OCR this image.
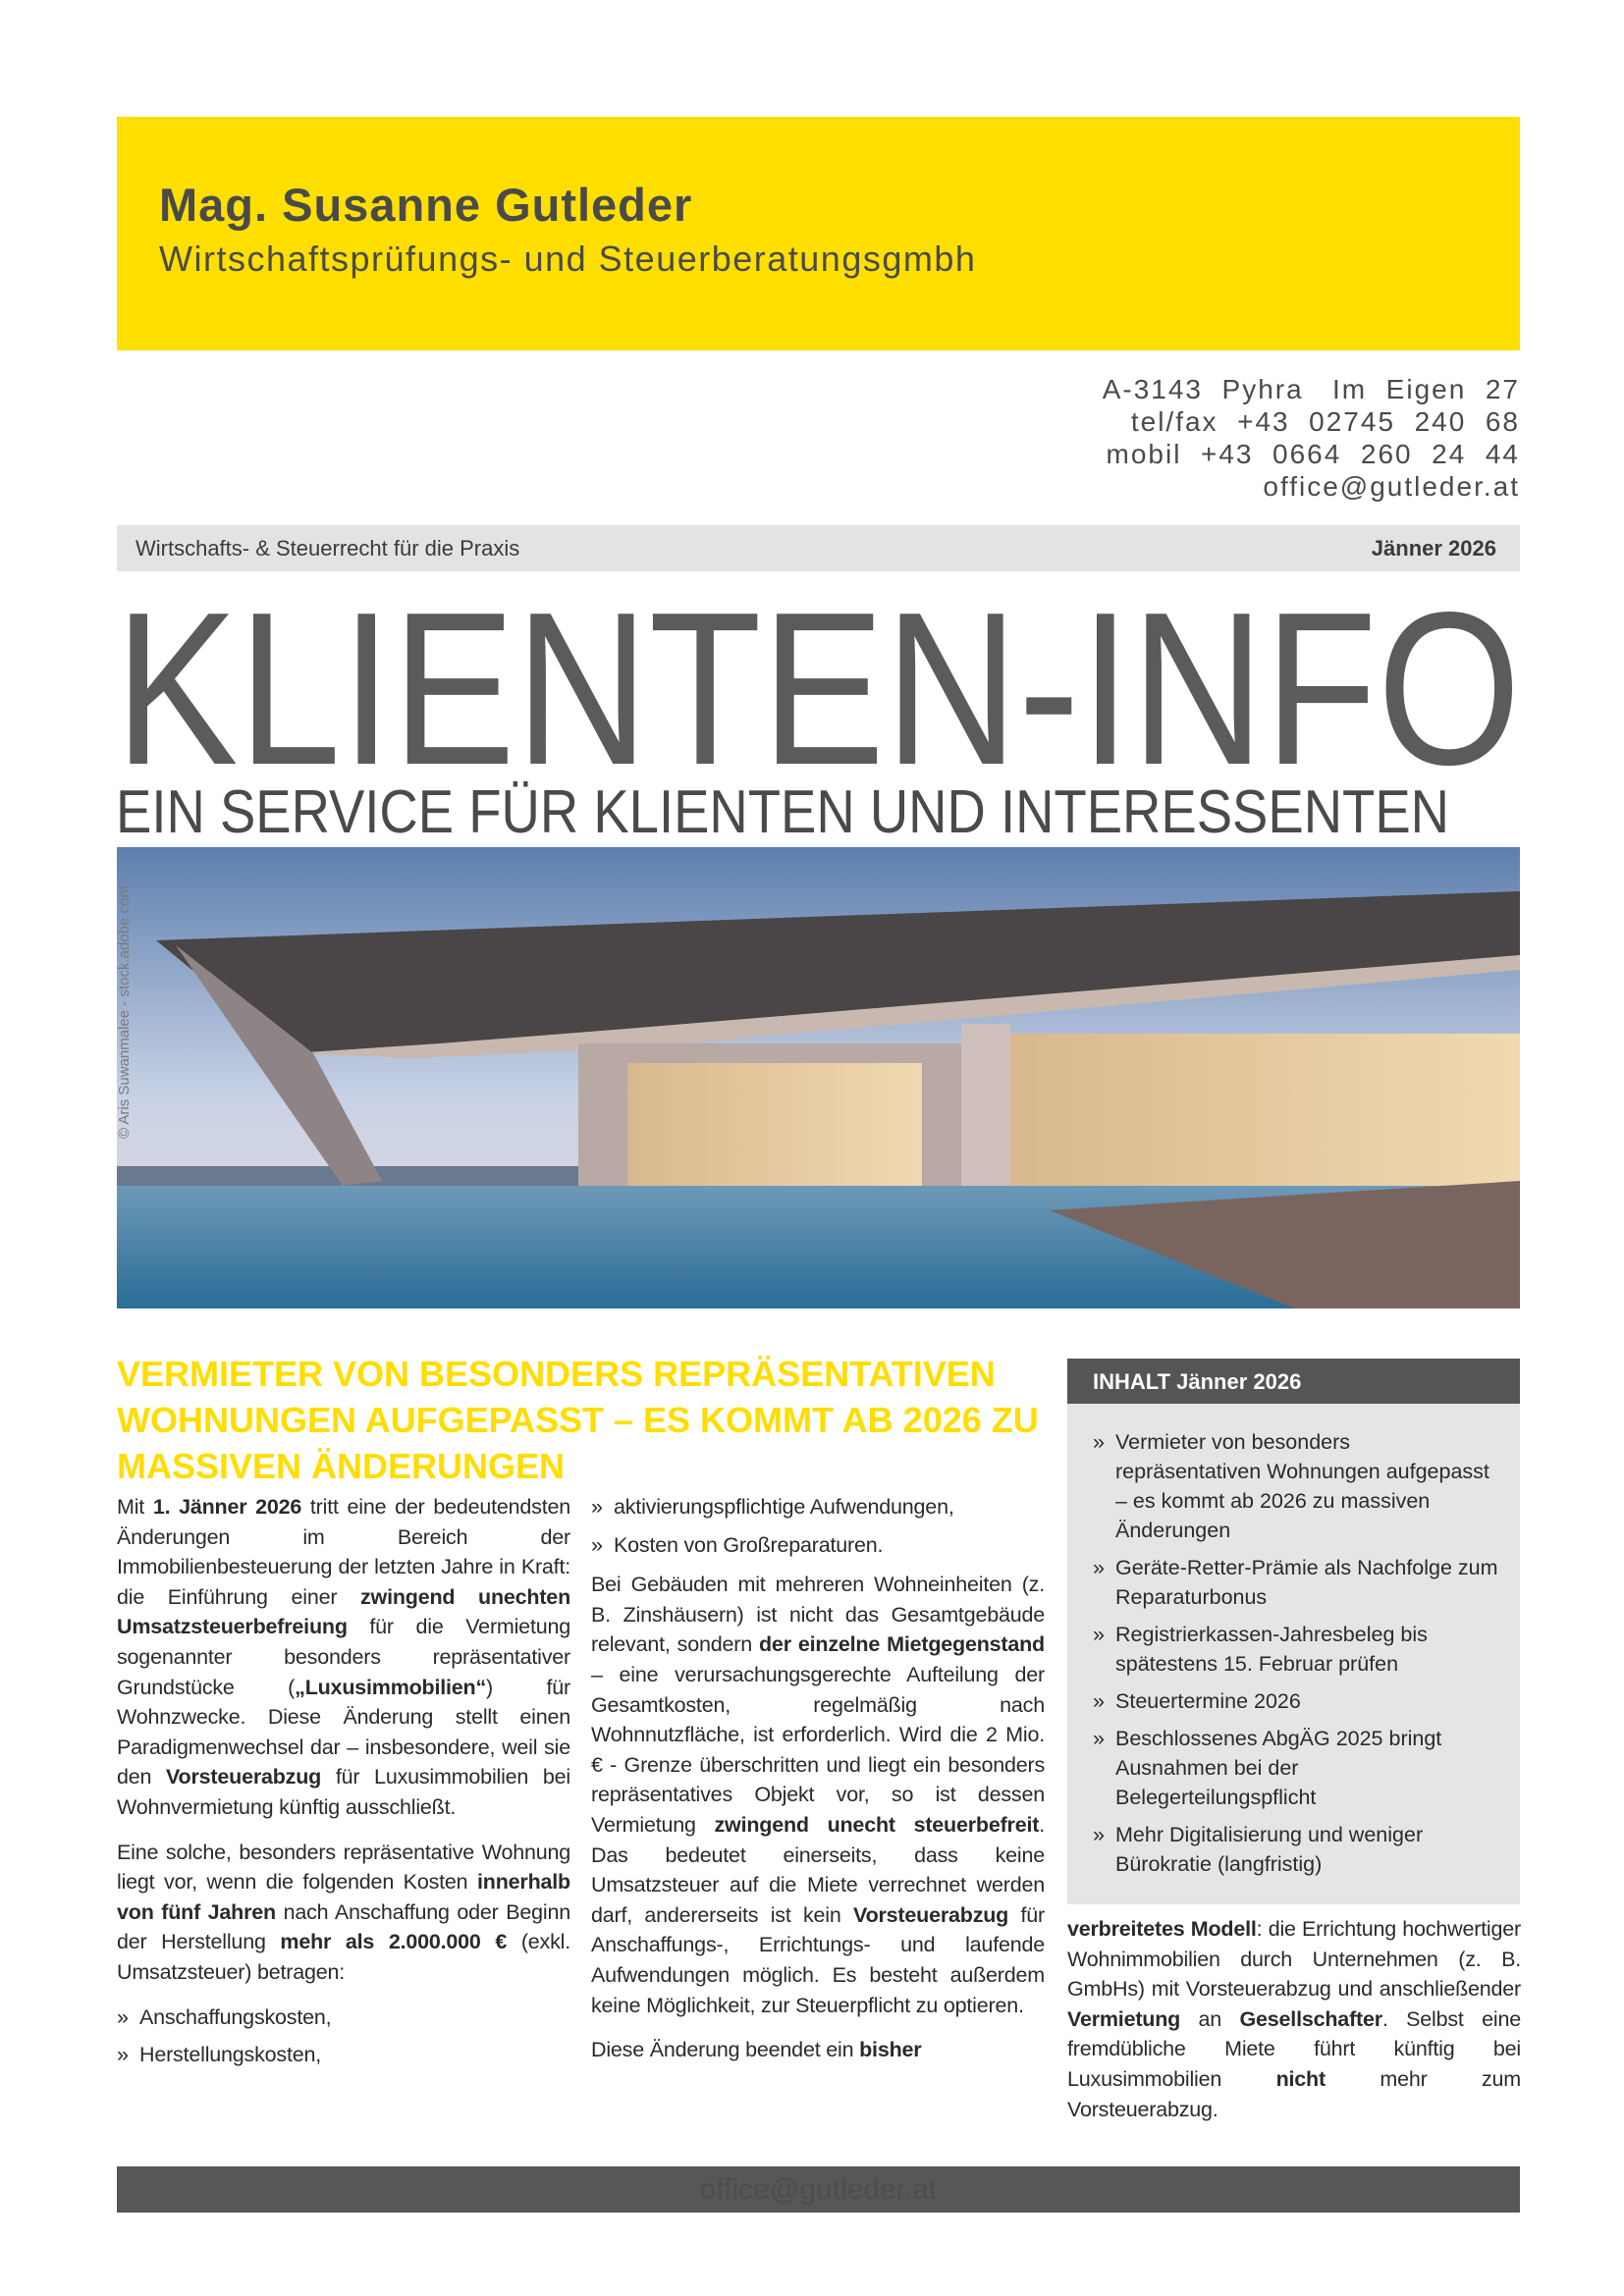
Mag. Susanne Gutleder
Wirtschaftsprüfungs- und Steuerberatungsgmbh
A-3143  Pyhra   Im  Eigen  27
tel/fax  +43  02745  240  68
mobil  +43  0664  260  24  44
office@gutleder.at
Wirtschafts- & Steuerrecht für die Praxis	Jänner 2026
KLIENTEN-INFO
EIN SERVICE FÜR KLIENTEN UND INTERESSENTEN
© Aris Suwanmalee - stock.adobe.com
VERMIETER VON BESONDERS REPRÄSENTATIVEN WOHNUNGEN AUFGEPASST – ES KOMMT AB 2026 ZU MASSIVEN ÄNDERUNGEN

Mit 1. Jänner 2026 tritt eine der bedeutendsten Änderungen im Bereich der Immobilienbesteuerung der letzten Jahre in Kraft: die Einführung einer zwingend unechten Umsatzsteuerbefreiung für die Vermietung sogenannter besonders repräsentativer Grundstücke („Luxusimmobilien“) für Wohnzwecke. Diese Änderung stellt einen Paradigmenwechsel dar – insbesondere, weil sie den Vorsteuerabzug für Luxusimmobilien bei Wohnvermietung künftig ausschließt.

Eine solche, besonders repräsentative Wohnung liegt vor, wenn die folgenden Kosten innerhalb von fünf Jahren nach Anschaffung oder Beginn der Herstellung mehr als 2.000.000 € (exkl. Umsatzsteuer) betragen:

» Anschaffungskosten,
» Herstellungskosten,
» aktivierungspflichtige Aufwendungen,
» Kosten von Großreparaturen.

Bei Gebäuden mit mehreren Wohneinheiten (z. B. Zinshäusern) ist nicht das Gesamtgebäude relevant, sondern der einzelne Mietgegenstand – eine verursachungsgerechte Aufteilung der Gesamtkosten, regelmäßig nach Wohnnutzfläche, ist erforderlich. Wird die 2 Mio. € - Grenze überschritten und liegt ein besonders repräsentatives Objekt vor, so ist dessen Vermietung zwingend unecht steuerbefreit. Das bedeutet einerseits, dass keine Umsatzsteuer auf die Miete verrechnet werden darf, andererseits ist kein Vorsteuerabzug für Anschaffungs-, Errichtungs- und laufende Aufwendungen möglich. Es besteht außerdem keine Möglichkeit, zur Steuerpflicht zu optieren.

Diese Änderung beendet ein bisher

verbreitetes Modell: die Errichtung hochwertiger Wohnimmobilien durch Unternehmen (z. B. GmbHs) mit Vorsteuerabzug und anschließender Vermietung an Gesellschafter. Selbst eine fremdübliche Miete führt künftig bei Luxusimmobilien nicht mehr zum Vorsteuerabzug.

INHALT Jänner 2026
» Vermieter von besonders repräsentativen Wohnungen aufgepasst – es kommt ab 2026 zu massiven Änderungen
» Geräte-Retter-Prämie als Nachfolge zum Reparaturbonus
» Registrierkassen-Jahresbeleg bis spätestens 15. Februar prüfen
» Steuertermine 2026
» Beschlossenes AbgÄG 2025 bringt Ausnahmen bei der Belegerteilungspflicht
» Mehr Digitalisierung und weniger Bürokratie (langfristig)
office@gutleder.at
